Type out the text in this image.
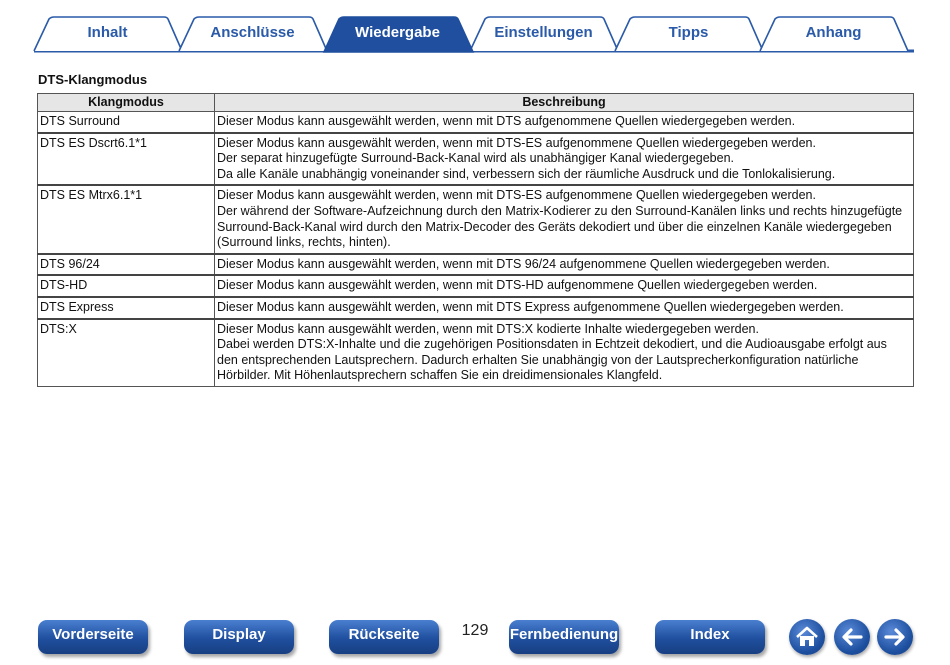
Inhalt	Anschlüsse	Wiedergabe	Einstellungen	Tipps	Anhang
DTS-Klangmodus
Klangmodus	Beschreibung
DTS Surround	Dieser Modus kann ausgewählt werden, wenn mit DTS aufgenommene Quellen wiedergegeben werden.

DTS ES Dscrt6.1*1	Dieser Modus kann ausgewählt werden, wenn mit DTS-ES aufgenommene Quellen wiedergegeben werden.
Der separat hinzugefügte Surround-Back-Kanal wird als unabhängiger Kanal wiedergegeben.
Da alle Kanäle unabhängig voneinander sind, verbessern sich der räumliche Ausdruck und die Tonlokalisierung.

DTS ES Mtrx6.1*1	Dieser Modus kann ausgewählt werden, wenn mit DTS-ES aufgenommene Quellen wiedergegeben werden.
Der während der Software-Aufzeichnung durch den Matrix-Kodierer zu den Surround-Kanälen links und rechts hinzugefügte Surround-Back-Kanal wird durch den Matrix-Decoder des Geräts dekodiert und über die einzelnen Kanäle wiedergegeben (Surround links, rechts, hinten).

DTS 96/24	Dieser Modus kann ausgewählt werden, wenn mit DTS 96/24 aufgenommene Quellen wiedergegeben werden.

DTS-HD	Dieser Modus kann ausgewählt werden, wenn mit DTS-HD aufgenommene Quellen wiedergegeben werden.

DTS Express	Dieser Modus kann ausgewählt werden, wenn mit DTS Express aufgenommene Quellen wiedergegeben werden.

DTS:X	Dieser Modus kann ausgewählt werden, wenn mit DTS:X kodierte Inhalte wiedergegeben werden.
Dabei werden DTS:X-Inhalte und die zugehörigen Positionsdaten in Echtzeit dekodiert, und die Audioausgabe erfolgt aus den entsprechenden Lautsprechern. Dadurch erhalten Sie unabhängig von der Lautsprecherkonfiguration natürliche Hörbilder. Mit Höhenlautsprechern schaffen Sie ein dreidimensionales Klangfeld.
Vorderseite	Display	Rückseite	129	Fernbedienung	Index
